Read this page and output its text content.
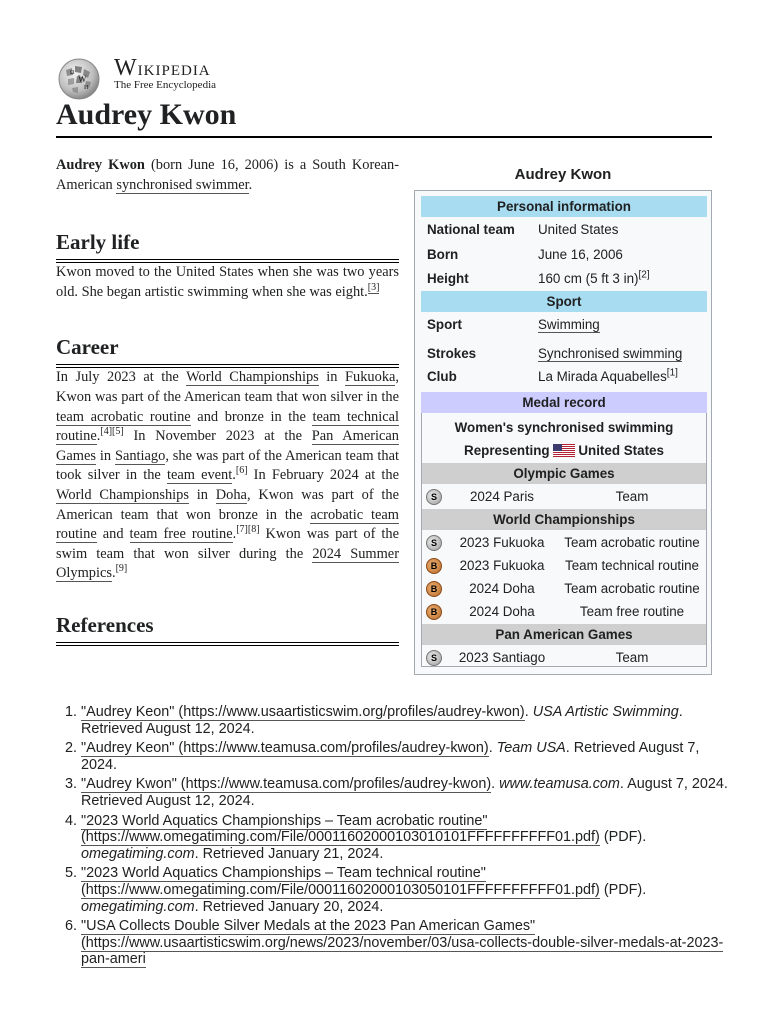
W
Ω
И
Wikipedia
The Free Encyclopedia
Audrey Kwon

Audrey Kwon (born June 16, 2006) is a South Korean-American synchronised swimmer.

Early life

Kwon moved to the United States when she was two years old. She began artistic swimming when she was eight.[3]

Career

In July 2023 at the World Championships in Fukuoka, Kwon was part of the American team that won silver in the team acrobatic routine and bronze in the team technical routine.[4][5] In November 2023 at the Pan American Games in Santiago, she was part of the American team that took silver in the team event.[6] In February 2024 at the World Championships in Doha, Kwon was part of the American team that won bronze in the acrobatic team routine and team free routine.[7][8] Kwon was part of the swim team that won silver during the 2024 Summer Olympics.[9]

References
1. "Audrey Keon" (https://www.usaartisticswim.org/profiles/audrey-kwon). USA Artistic Swimming. Retrieved August 12, 2024.
2. "Audrey Keon" (https://www.teamusa.com/profiles/audrey-kwon). Team USA. Retrieved August 7, 2024.
3. "Audrey Kwon" (https://www.teamusa.com/profiles/audrey-kwon). www.teamusa.com. August 7, 2024. Retrieved August 12, 2024.
4. "2023 World Aquatics Championships – Team acrobatic routine" (https://www.omegatiming.com/File/00011602000103010101FFFFFFFFFF01.pdf) (PDF). omegatiming.com. Retrieved January 21, 2024.
5. "2023 World Aquatics Championships – Team technical routine" (https://www.omegatiming.com/File/00011602000103050101FFFFFFFFFF01.pdf) (PDF). omegatiming.com. Retrieved January 20, 2024.
6. "USA Collects Double Silver Medals at the 2023 Pan American Games" (https://www.usaartisticswim.org/news/2023/november/03/usa-collects-double-silver-medals-at-2023-pan-ameri
Audrey Kwon
Personal information
National team United States
Born	June 16, 2006
Height	160 cm (5 ft 3 in)[2]
Sport
Sport	Swimming
Strokes	Synchronised swimming
Club	La Mirada Aquabelles[1]
Medal record
Women's synchronised swimming
Representing United States
Olympic Games
S	2024 Paris	Team
World Championships
S	2023 Fukuoka	Team acrobatic routine
B	2023 Fukuoka	Team technical routine
B	2024 Doha	Team acrobatic routine
B	2024 Doha	Team free routine
Pan American Games
S	2023 Santiago	Team
